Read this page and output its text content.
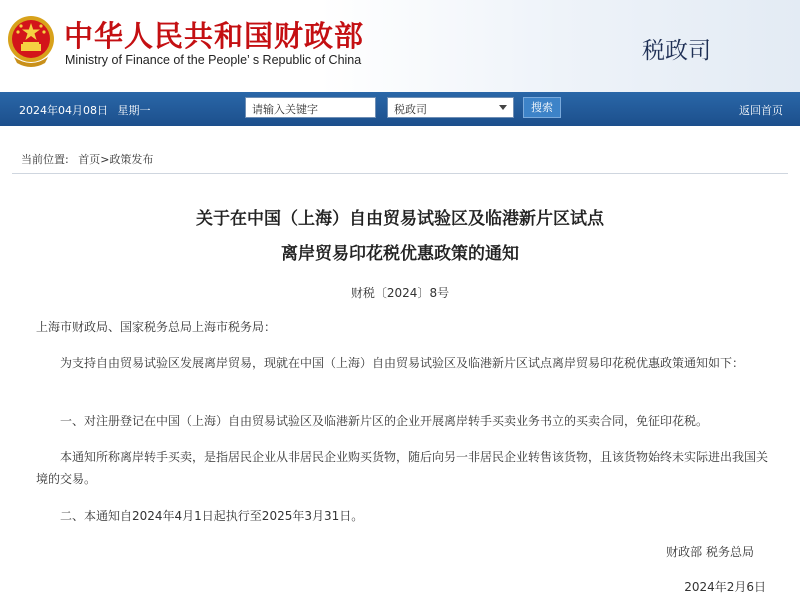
中华人民共和国财政部
Ministry of Finance of the People’ s Republic of China	税政司
2024年04月08日 星期一	请输入关键字	税政司	搜索	返回首页
当前位置: 首页>政策发布
关于在中国（上海）自由贸易试验区及临港新片区试点
离岸贸易印花税优惠政策的通知
财税〔2024〕8号
上海市财政局、国家税务总局上海市税务局：
为支持自由贸易试验区发展离岸贸易，现就在中国（上海）自由贸易试验区及临港新片区试点离岸贸易印花税优惠政策通知如下：
一、对注册登记在中国（上海）自由贸易试验区及临港新片区的企业开展离岸转手买卖业务书立的买卖合同，免征印花税。
本通知所称离岸转手买卖，是指居民企业从非居民企业购买货物，随后向另一非居民企业转售该货物，且该货物始终未实际进出我国关境的交易。
二、本通知自2024年4月1日起执行至2025年3月31日。
财政部 税务总局
2024年2月6日
